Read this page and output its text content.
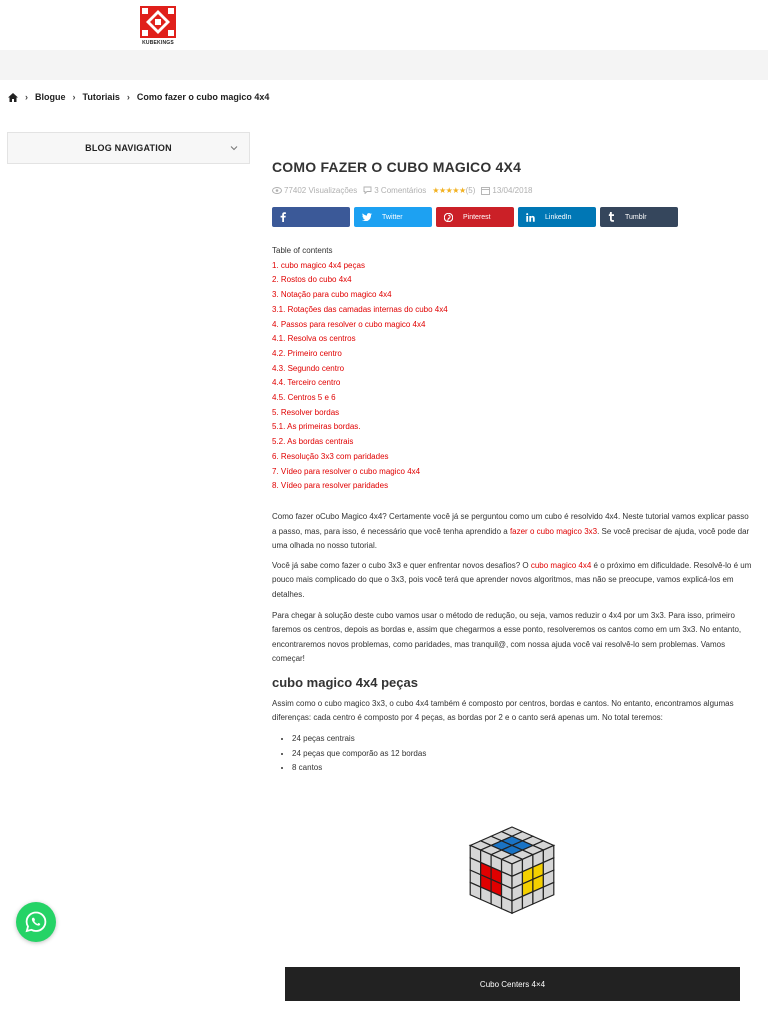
KUBEKINGS
› Blogue › Tutoriais › Como fazer o cubo magico 4x4
BLOG NAVIGATION
COMO FAZER O CUBO MAGICO 4X4
77402 Visualizações 3 Comentários ★★★★★ (5) 13/04/2018
Twitter	Pinterest	LinkedIn	Tumblr
Table of contents
1. cubo magico 4x4 peças
2. Rostos do cubo 4x4
3. Notação para cubo magico 4x4
3.1. Rotações das camadas internas do cubo 4x4
4. Passos para resolver o cubo magico 4x4
4.1. Resolva os centros
4.2. Primeiro centro
4.3. Segundo centro
4.4. Terceiro centro
4.5. Centros 5 e 6
5. Resolver bordas
5.1. As primeiras bordas.
5.2. As bordas centrais
6. Resolução 3x3 com paridades
7. Vídeo para resolver o cubo magico 4x4
8. Vídeo para resolver paridades

Como fazer oCubo Magico 4x4? Certamente você já se perguntou como um cubo é resolvido 4x4. Neste tutorial vamos explicar passo a passo, mas, para isso, é necessário que você tenha aprendido a fazer o cubo magico 3x3. Se você precisar de ajuda, você pode dar uma olhada no nosso tutorial.

Você já sabe como fazer o cubo 3x3 e quer enfrentar novos desafios? O cubo magico 4x4 é o próximo em dificuldade. Resolvê-lo é um pouco mais complicado do que o 3x3, pois você terá que aprender novos algoritmos, mas não se preocupe, vamos explicá-los em detalhes.

Para chegar à solução deste cubo vamos usar o método de redução, ou seja, vamos reduzir o 4x4 por um 3x3. Para isso, primeiro faremos os centros, depois as bordas e, assim que chegarmos a esse ponto, resolveremos os cantos como em um 3x3. No entanto, encontraremos novos problemas, como paridades, mas tranquil@, com nossa ajuda você vai resolvê-lo sem problemas. Vamos começar!

cubo magico 4x4 peças

Assim como o cubo magico 3x3, o cubo 4x4 também é composto por centros, bordas e cantos. No entanto, encontramos algumas diferenças: cada centro é composto por 4 peças, as bordas por 2 e o canto será apenas um. No total teremos:

• 24 peças centrais
• 24 peças que comporão as 12 bordas
• 8 cantos
Cubo Centers 4×4
